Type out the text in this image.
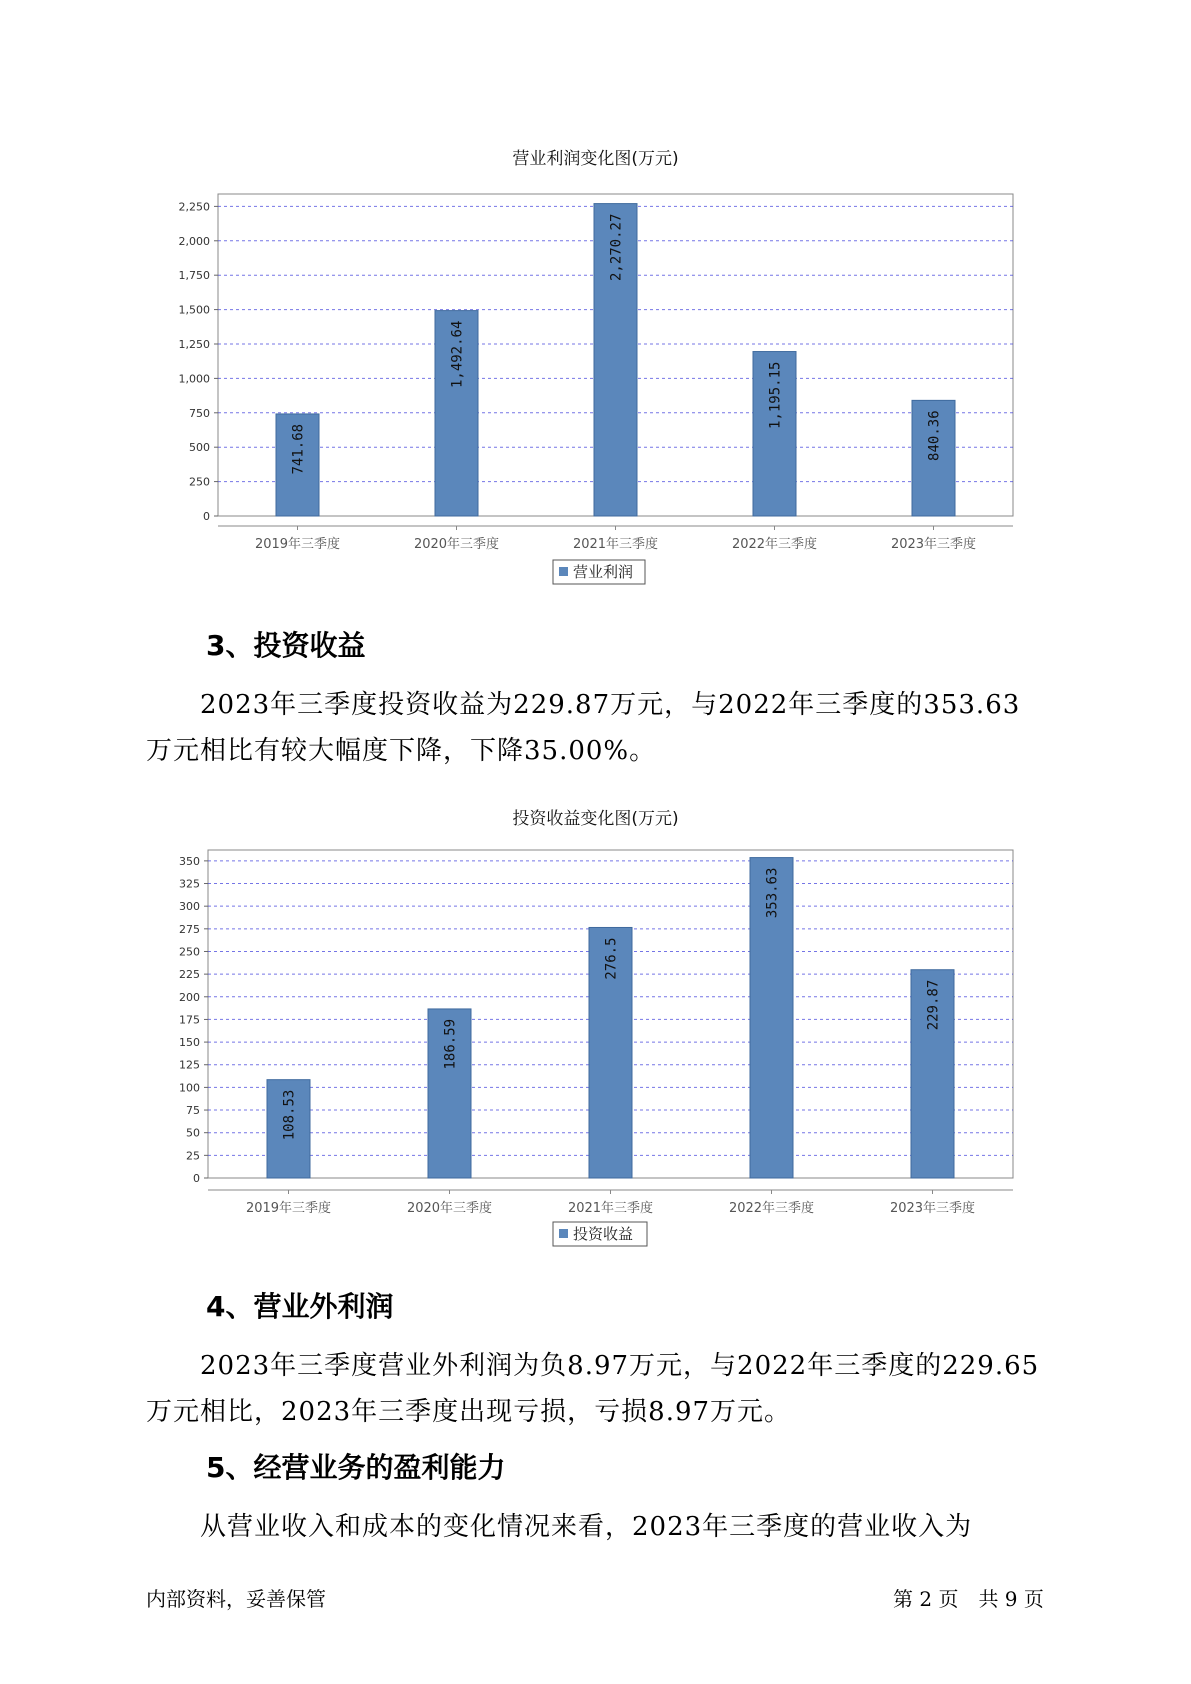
营业利润变化图(万元)
0
250
500
750
1,000
1,250
1,500
1,750
2,000
2,250
741.68
2019年三季度
1,492.64
2020年三季度
2,270.27
2021年三季度
1,195.15
2022年三季度
840.36
2023年三季度
营业利润
3、投资收益

2023年三季度投资收益为229.87万元，与2022年三季度的353.63万元相比有较大幅度下降，下降35.00%。

投资收益变化图(万元)
0
25
50
75
100
125
150
175
200
225
250
275
300
325
350
108.53
2019年三季度
186.59
2020年三季度
276.5
2021年三季度
353.63
2022年三季度
229.87
2023年三季度
投资收益
4、营业外利润

2023年三季度营业外利润为负8.97万元，与2022年三季度的229.65万元相比，2023年三季度出现亏损，亏损8.97万元。

5、经营业务的盈利能力

从营业收入和成本的变化情况来看，2023年三季度的营业收入为

内部资料，妥善保管	第 2 页　共 9 页
